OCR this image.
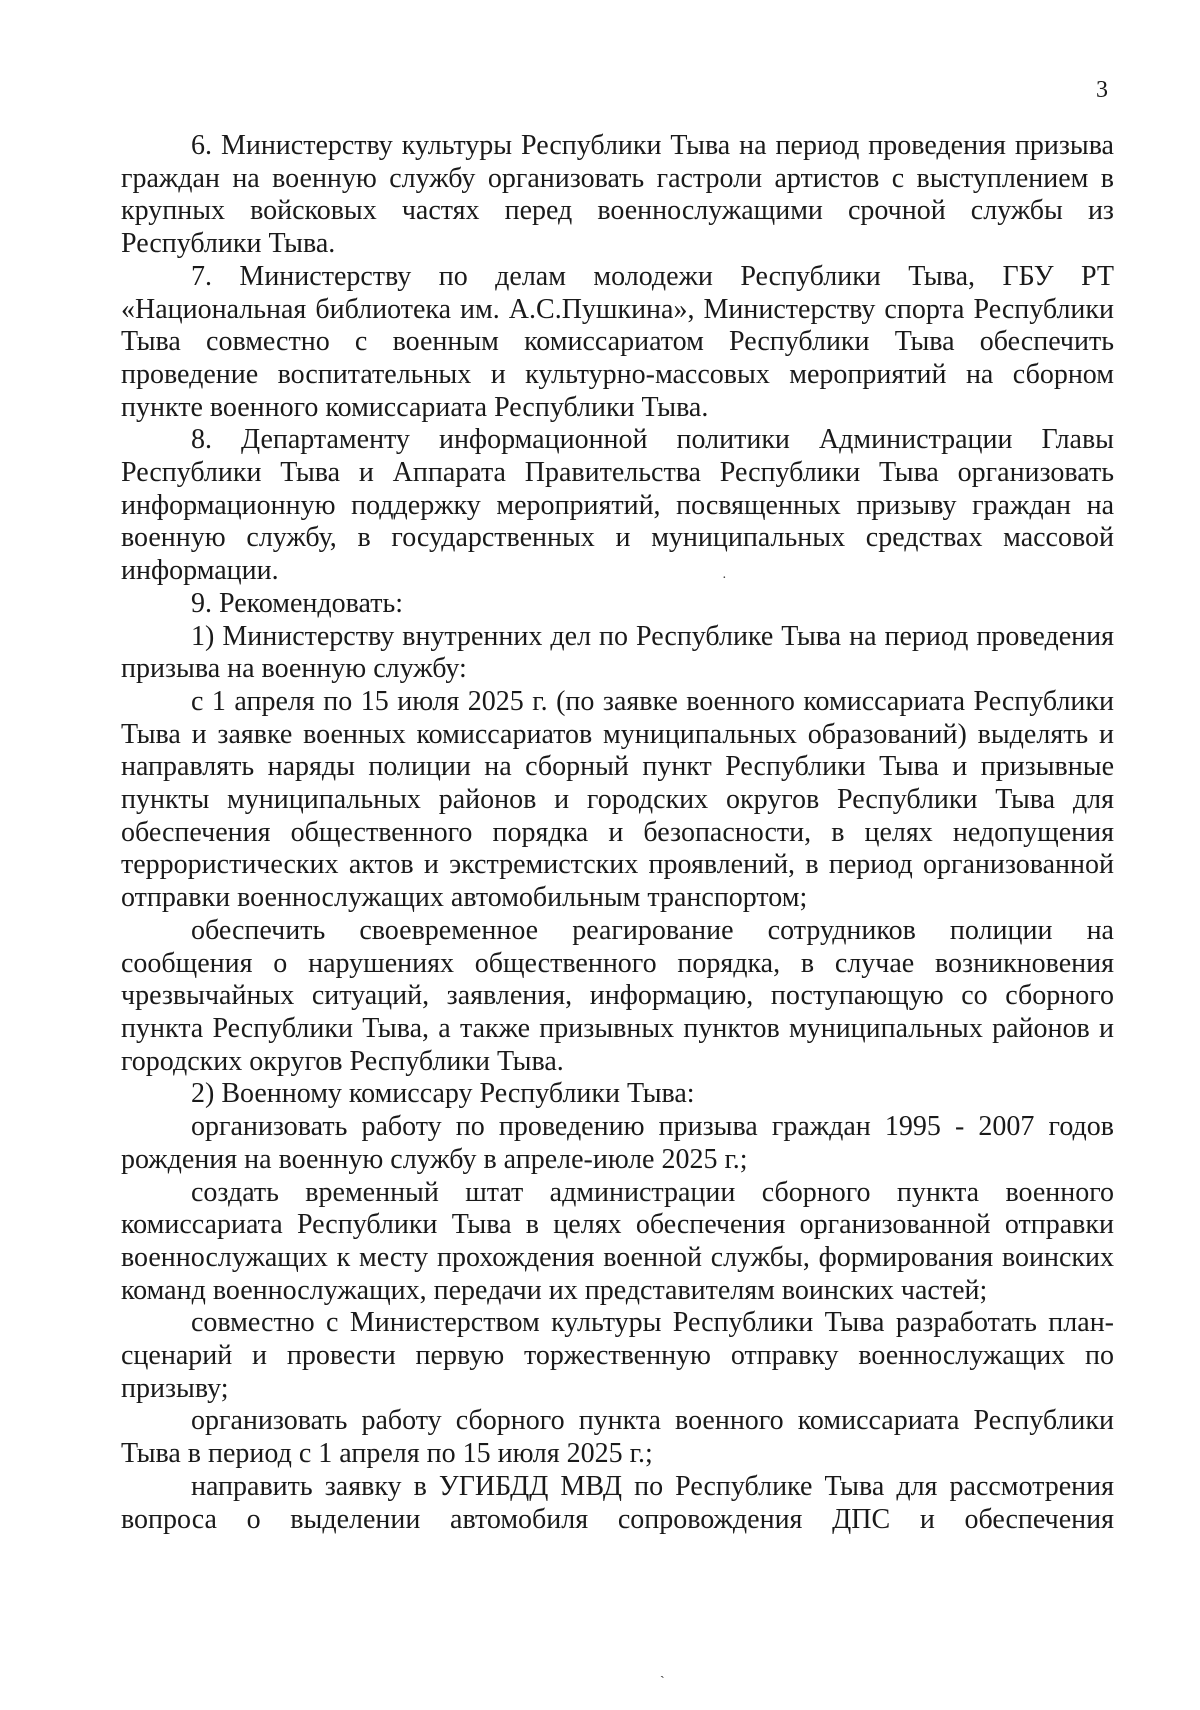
3

6. Министерству культуры Республики Тыва на период проведения призыва граждан на военную службу организовать гастроли артистов с выступлением в крупных войсковых частях перед военнослужащими срочной службы из Республики Тыва.

7. Министерству по делам молодежи Республики Тыва, ГБУ РТ «Национальная библиотека им. А.С.Пушкина», Министерству спорта Республики Тыва совместно с военным комиссариатом Республики Тыва обеспечить проведение воспитательных и культурно-массовых мероприятий на сборном пункте военного комиссариата Республики Тыва.

8. Департаменту информационной политики Администрации Главы Республики Тыва и Аппарата Правительства Республики Тыва организовать информационную поддержку мероприятий, посвященных призыву граждан на военную службу, в государственных и муниципальных средствах массовой информации.

9. Рекомендовать:

1) Министерству внутренних дел по Республике Тыва на период проведения призыва на военную службу:

с 1 апреля по 15 июля 2025 г. (по заявке военного комиссариата Республики Тыва и заявке военных комиссариатов муниципальных образований) выделять и направлять наряды полиции на сборный пункт Республики Тыва и призывные пункты муниципальных районов и городских округов Республики Тыва для обеспечения общественного порядка и безопасности, в целях недопущения террористических актов и экстремистских проявлений, в период организованной отправки военнослужащих автомобильным транспортом;

обеспечить своевременное реагирование сотрудников полиции на сообщения о нарушениях общественного порядка, в случае возникновения чрезвычайных ситуаций, заявления, информацию, поступающую со сборного пункта Республики Тыва, а также призывных пунктов муниципальных районов и городских округов Республики Тыва.

2) Военному комиссару Республики Тыва:

организовать работу по проведению призыва граждан 1995 - 2007 годов рождения на военную службу в апреле-июле 2025 г.;

создать временный штат администрации сборного пункта военного комиссариата Республики Тыва в целях обеспечения организованной отправки военнослужащих к месту прохождения военной службы, формирования воинских команд военнослужащих, передачи их представителям воинских частей;

совместно с Министерством культуры Республики Тыва разработать план-сценарий и провести первую торжественную отправку военнослужащих по призыву;

организовать работу сборного пункта военного комиссариата Республики Тыва в период с 1 апреля по 15 июля 2025 г.;

направить заявку в УГИБДД МВД по Республике Тыва для рассмотрения вопроса о выделении автомобиля сопровождения ДПС и обеспечения

·
ˏ
